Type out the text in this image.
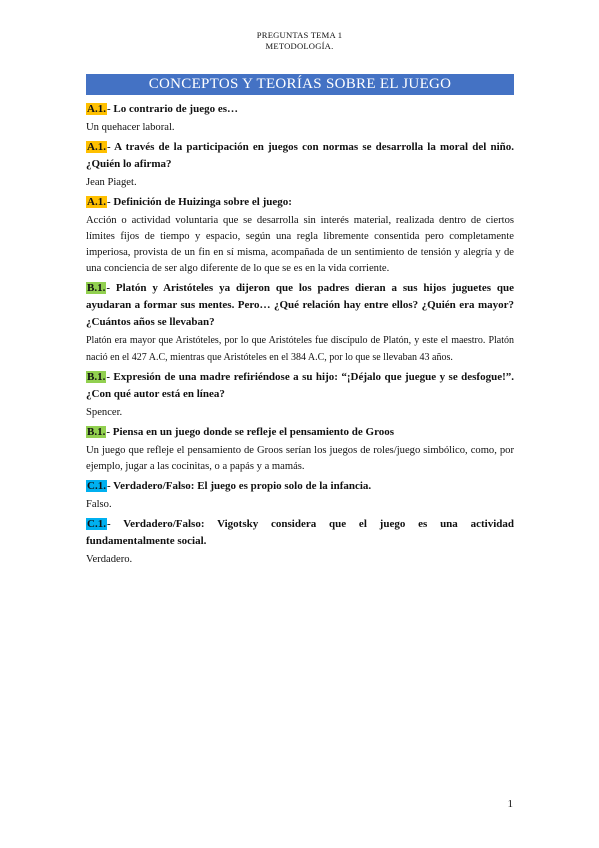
PREGUNTAS TEMA 1
METODOLOGÍA.
CONCEPTOS Y TEORÍAS SOBRE EL JUEGO
A.1.- Lo contrario de juego es…
Un quehacer laboral.
A.1.- A través de la participación en juegos con normas se desarrolla la moral del niño. ¿Quién lo afirma?
Jean Piaget.
A.1.- Definición de Huizinga sobre el juego:
Acción o actividad voluntaria que se desarrolla sin interés material, realizada dentro de ciertos límites fijos de tiempo y espacio, según una regla libremente consentida pero completamente imperiosa, provista de un fin en sí misma, acompañada de un sentimiento de tensión y alegría y de una conciencia de ser algo diferente de lo que se es en la vida corriente.
B.1.- Platón y Aristóteles ya dijeron que los padres dieran a sus hijos juguetes que ayudaran a formar sus mentes. Pero… ¿Qué relación hay entre ellos? ¿Quién era mayor? ¿Cuántos años se llevaban?
Platón era mayor que Aristóteles, por lo que Aristóteles fue discípulo de Platón, y este el maestro. Platón nació en el 427 A.C, mientras que Aristóteles en el 384 A.C, por lo que se llevaban 43 años.
B.1.- Expresión de una madre refiriéndose a su hijo: “¡Déjalo que juegue y se desfogue!”. ¿Con qué autor está en línea?
Spencer.
B.1.- Piensa en un juego donde se refleje el pensamiento de Groos
Un juego que refleje el pensamiento de Groos serían los juegos de roles/juego simbólico, como, por ejemplo, jugar a las cocinitas, o a papás y a mamás.
C.1.- Verdadero/Falso: El juego es propio solo de la infancia.
Falso.
C.1.- Verdadero/Falso: Vigotsky considera que el juego es una actividad fundamentalmente social.
Verdadero.
1
